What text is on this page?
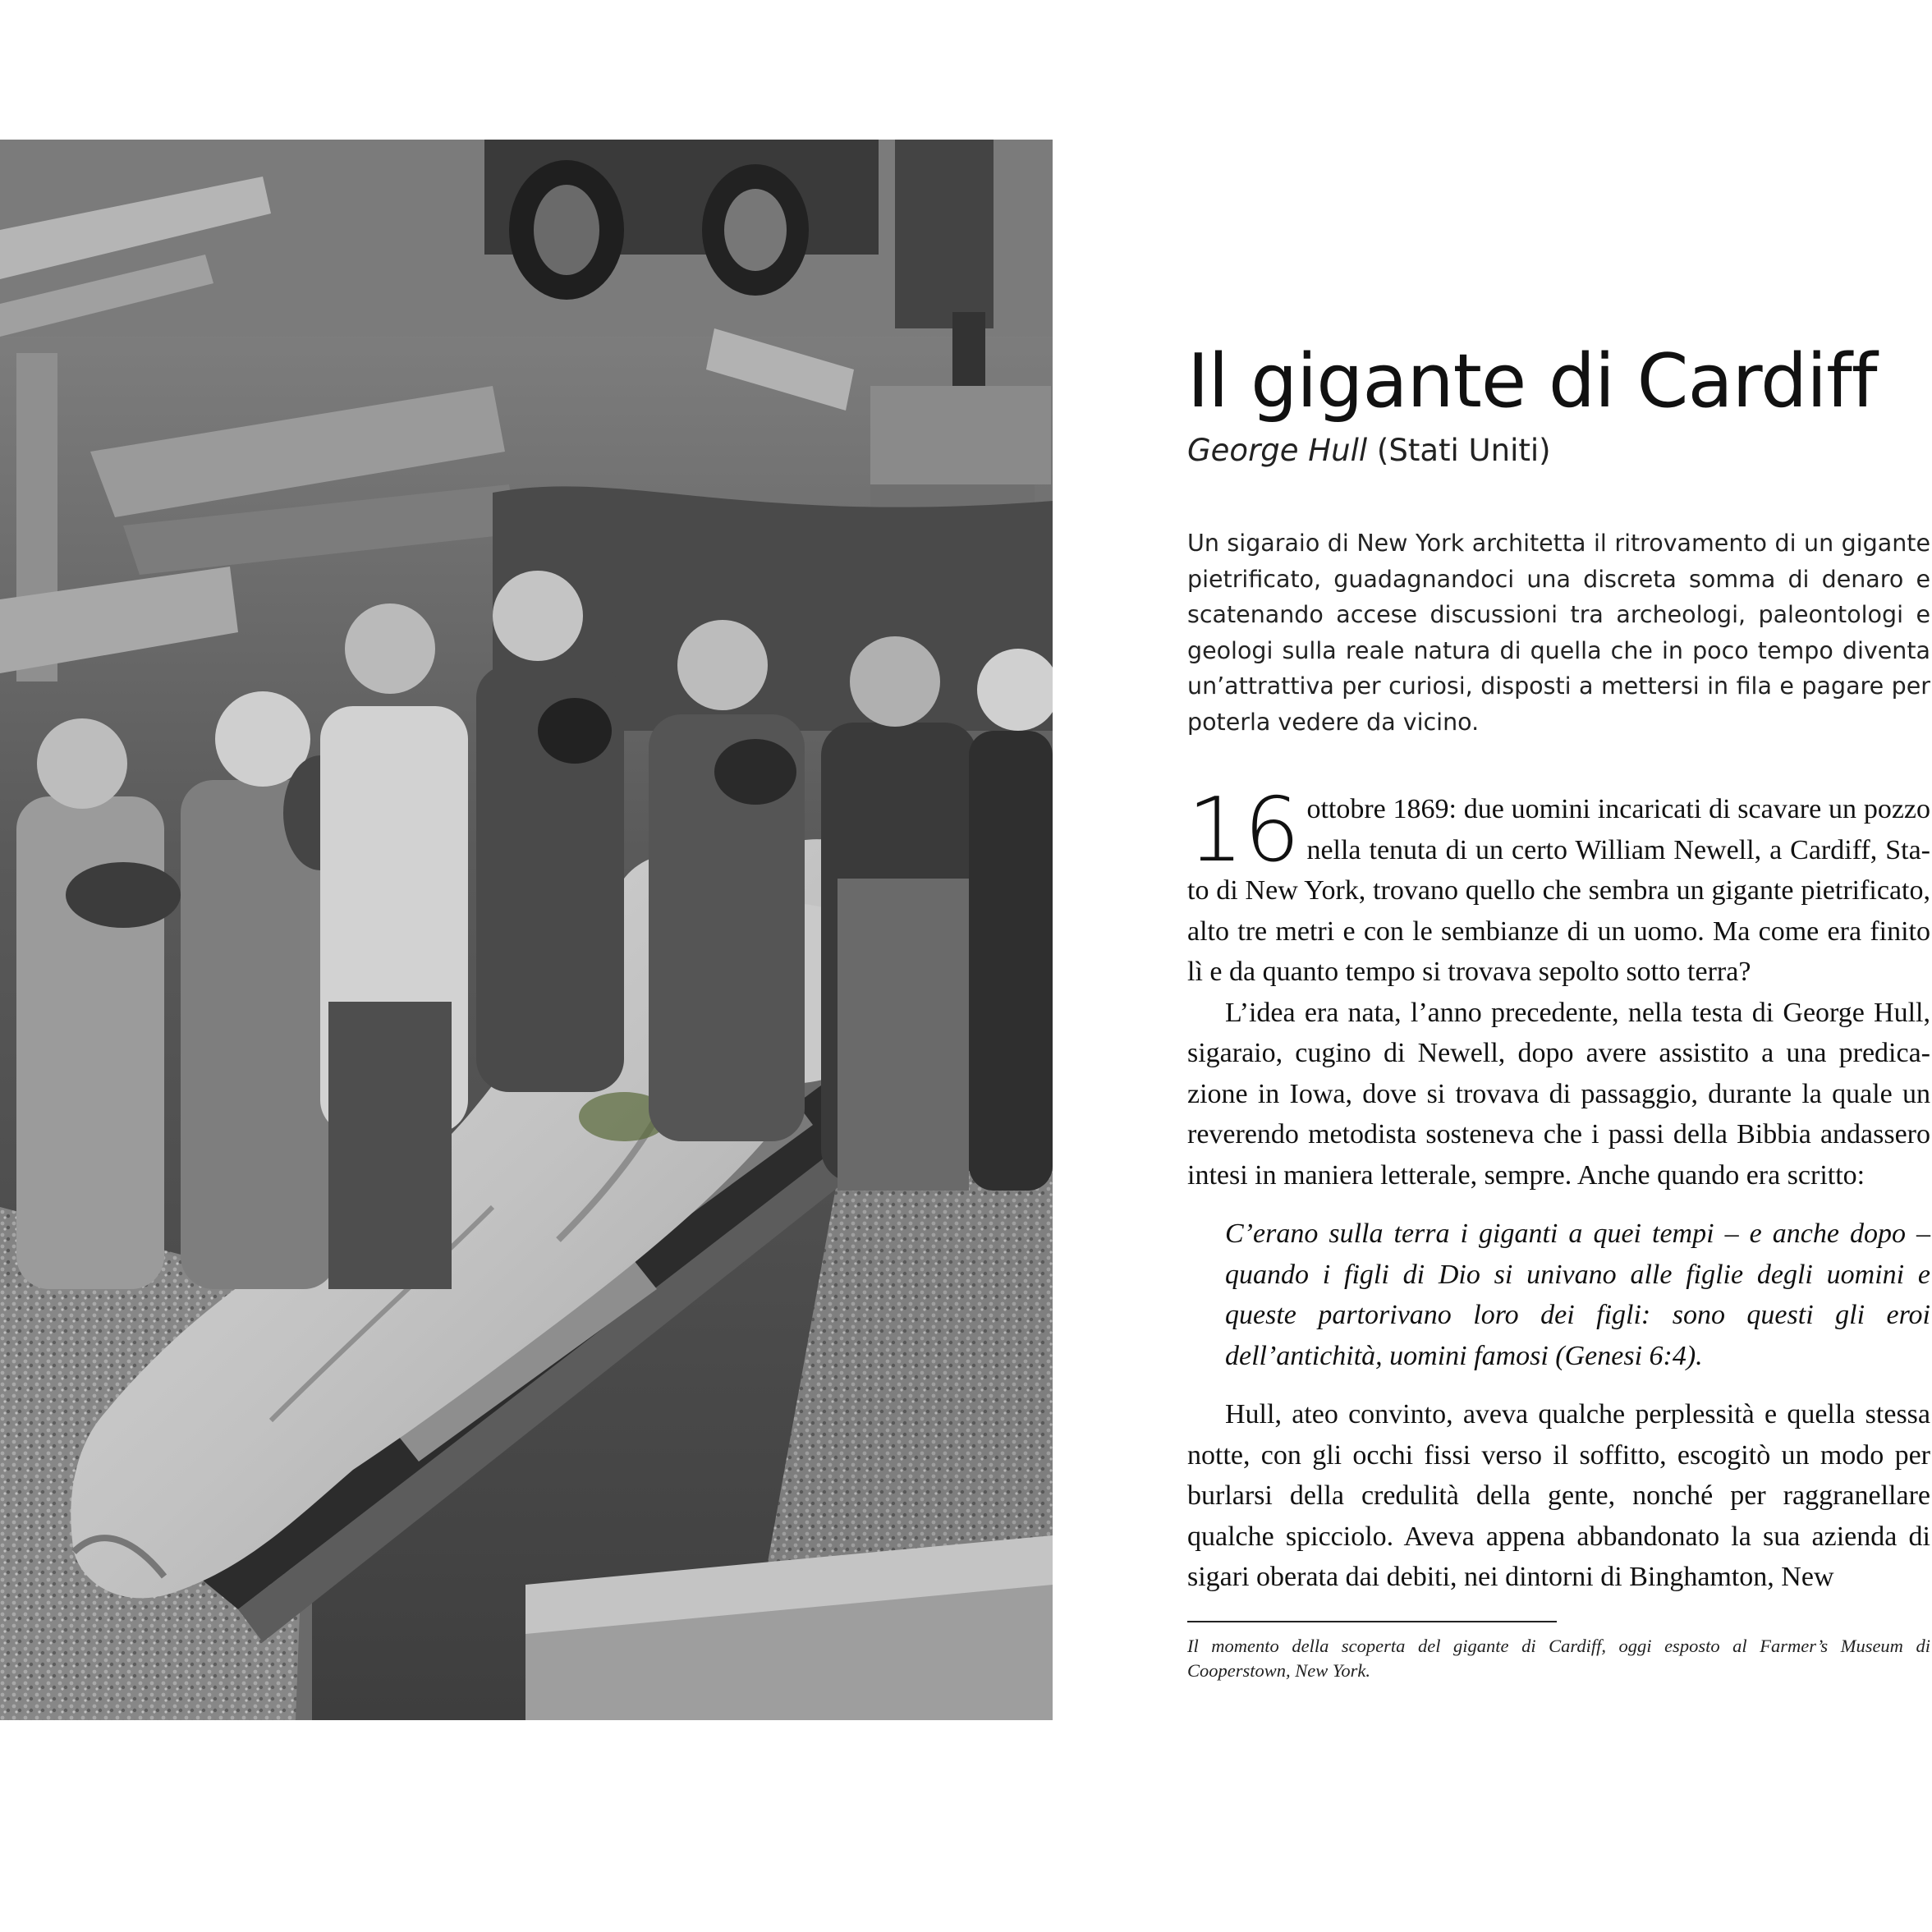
Il gigante di Cardiff
George Hull (Stati Uniti)

Un sigaraio di New York architetta il ritrovamento di un gigante pietrificato, guadagnandoci una discreta somma di denaro e scatenando accese discussioni tra archeologi, paleontologi e geologi sulla reale natura di quella che in poco tempo diventa un’attrattiva per curiosi, disposti a mettersi in fila e pagare per poterla vedere da vicino.

16 ottobre 1869: due uomini incaricati di scavare un pozzo nella tenuta di un certo William Newell, a Cardiff, Stato di New York, trovano quello che sembra un gigante pietrificato, alto tre metri e con le sembianze di un uomo. Ma come era finito lì e da quanto tempo si trovava sepolto sotto terra?

L’idea era nata, l’anno precedente, nella testa di George Hull, sigaraio, cugino di Newell, dopo avere assistito a una predicazione in Iowa, dove si trovava di passaggio, durante la quale un reverendo metodista sosteneva che i passi della Bibbia andassero intesi in maniera letterale, sempre. Anche quando era scritto:

C’erano sulla terra i giganti a quei tempi – e anche dopo – quando i figli di Dio si univano alle figlie degli uomini e queste partorivano loro dei figli: sono questi gli eroi dell’antichità, uomini famosi (Genesi 6:4).

Hull, ateo convinto, aveva qualche perplessità e quella stessa notte, con gli occhi fissi verso il soffitto, escogitò un modo per burlarsi della credulità della gente, nonché per raggranellare qualche spicciolo. Aveva appena abbandonato la sua azienda di sigari oberata dai debiti, nei dintorni di Binghamton, New

Il momento della scoperta del gigante di Cardiff, oggi esposto al Farmer’s Museum di Cooperstown, New York.
